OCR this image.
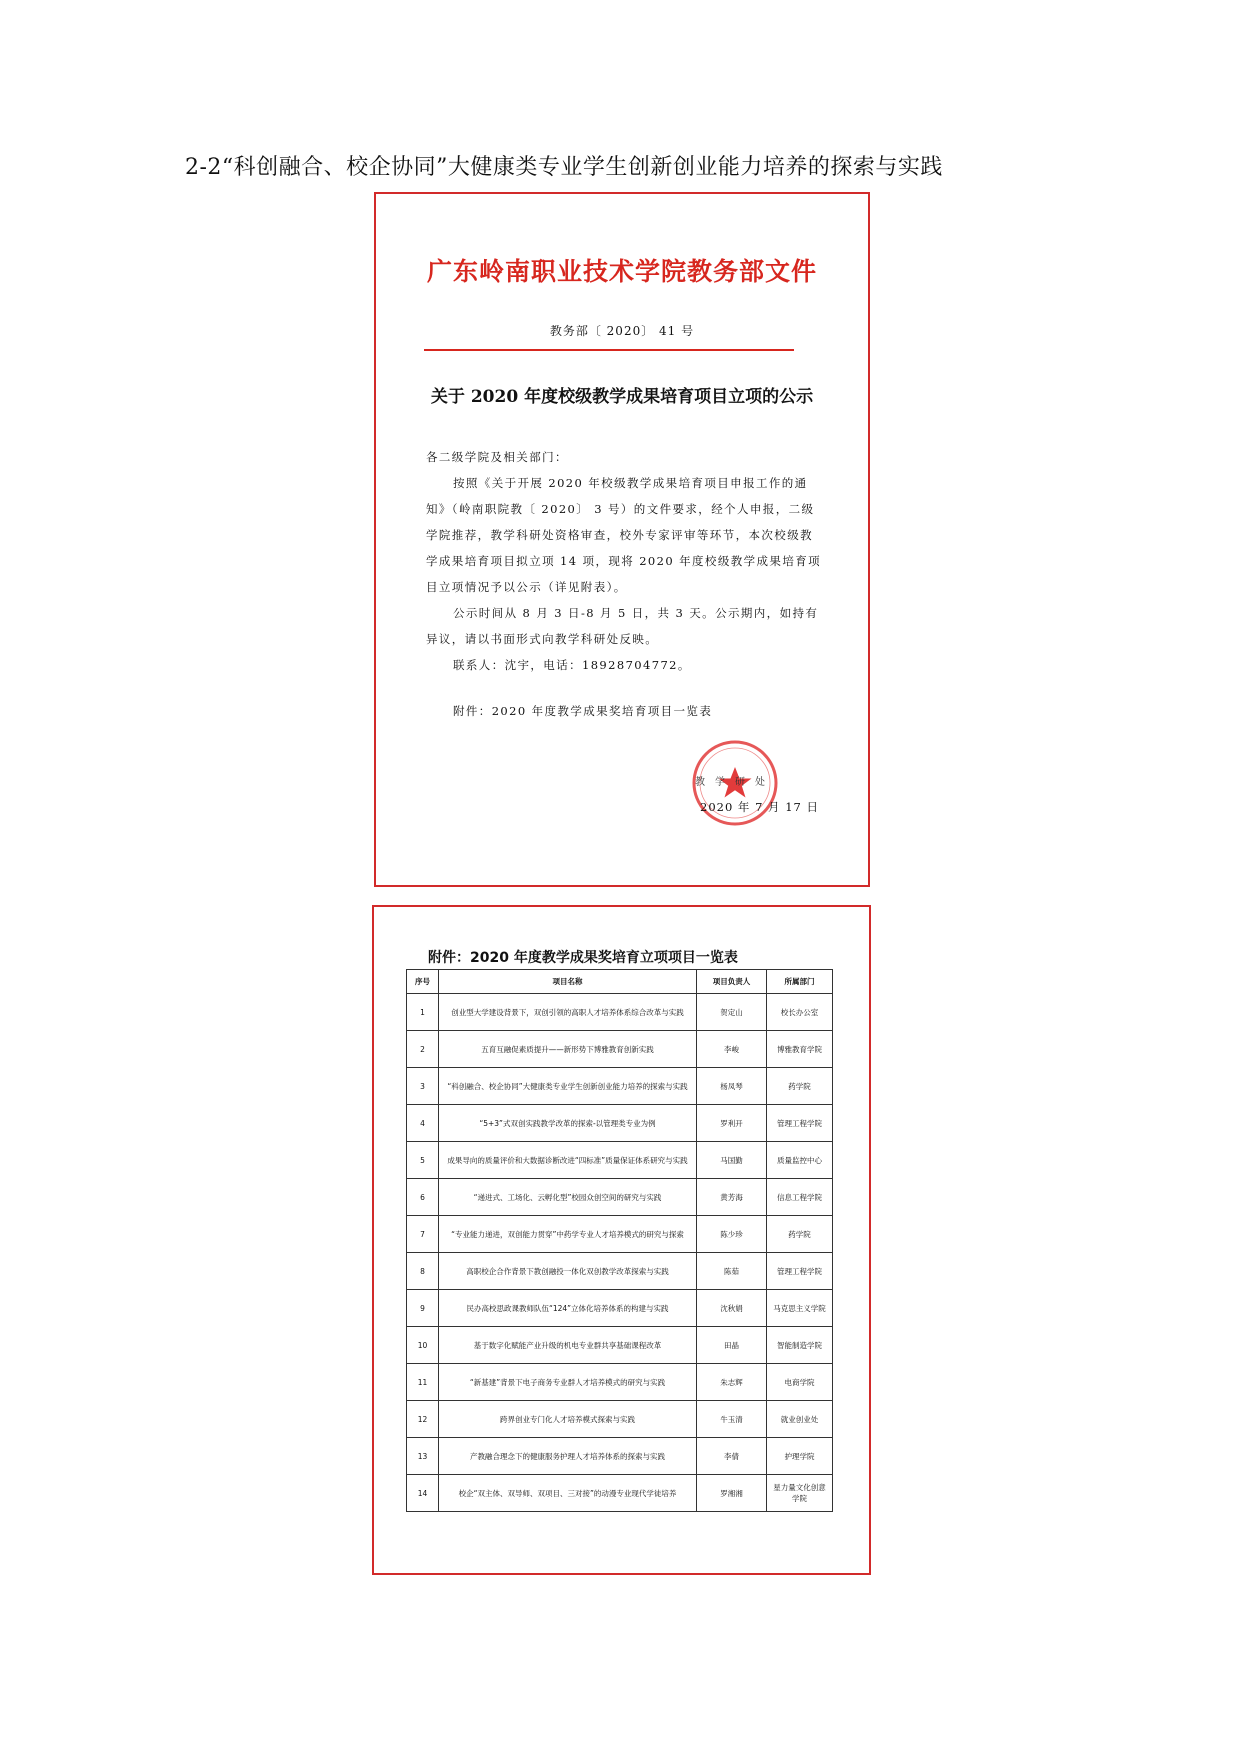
2-2“科创融合、校企协同”大健康类专业学生创新创业能力培养的探索与实践
广东岭南职业技术学院教务部文件
教务部〔 2020〕 41 号
关于 2020 年度校级教学成果培育项目立项的公示

各二级学院及相关部门：

按照《关于开展 2020 年校级教学成果培育项目申报工作的通知》（岭南职院教〔 2020〕 3 号）的文件要求，经个人申报，二级学院推荐，教学科研处资格审查，校外专家评审等环节，本次校级教学成果培育项目拟立项 14 项，现将 2020 年度校级教学成果培育项目立项情况予以公示（详见附表）。

公示时间从 8 月 3 日-8 月 5 日，共 3 天。公示期内，如持有异议，请以书面形式向教学科研处反映。

联系人：沈宇，电话：18928704772。

附件：2020 年度教学成果奖培育项目一览表

教学研处
2020 年 7 月 17 日
附件：2020 年度教学成果奖培育立项项目一览表
序号	项目名称	项目负责人	所属部门
1	创业型大学建设背景下，双创引领的高职人才培养体系综合改革与实践	贺定山	校长办公室
2	五育互融促素质提升——新形势下博雅教育创新实践	李峻	博雅教育学院
3	“科创融合、校企协同”大健康类专业学生创新创业能力培养的探索与实践	杨凤琴	药学院
4	“5+3”式双创实践教学改革的探索-以管理类专业为例	罗利开	管理工程学院
5	成果导向的质量评价和大数据诊断改进“四标准”质量保证体系研究与实践	马国勤	质量监控中心
6	“递进式、工场化、云孵化型”校园众创空间的研究与实践	黄芳海	信息工程学院
7	“专业能力递进，双创能力贯穿”中药学专业人才培养模式的研究与探索	陈少珍	药学院
8	高职校企合作背景下教创融投一体化双创教学改革探索与实践	陈茹	管理工程学院
9	民办高校思政课教师队伍“124”立体化培养体系的构建与实践	沈秋娟	马克思主义学院
10	基于数字化赋能产业升级的机电专业群共享基础课程改革	田晶	智能制造学院
11	“新基建”背景下电子商务专业群人才培养模式的研究与实践	朱志辉	电商学院
12	跨界创业专门化人才培养模式探索与实践	牛玉清	就业创业处
13	产教融合理念下的健康服务护理人才培养体系的探索与实践	李倩	护理学院
14	校企“双主体、双导师、双项目、三对接”的动漫专业现代学徒培养	罗湘湘	星力量文化创意学院
